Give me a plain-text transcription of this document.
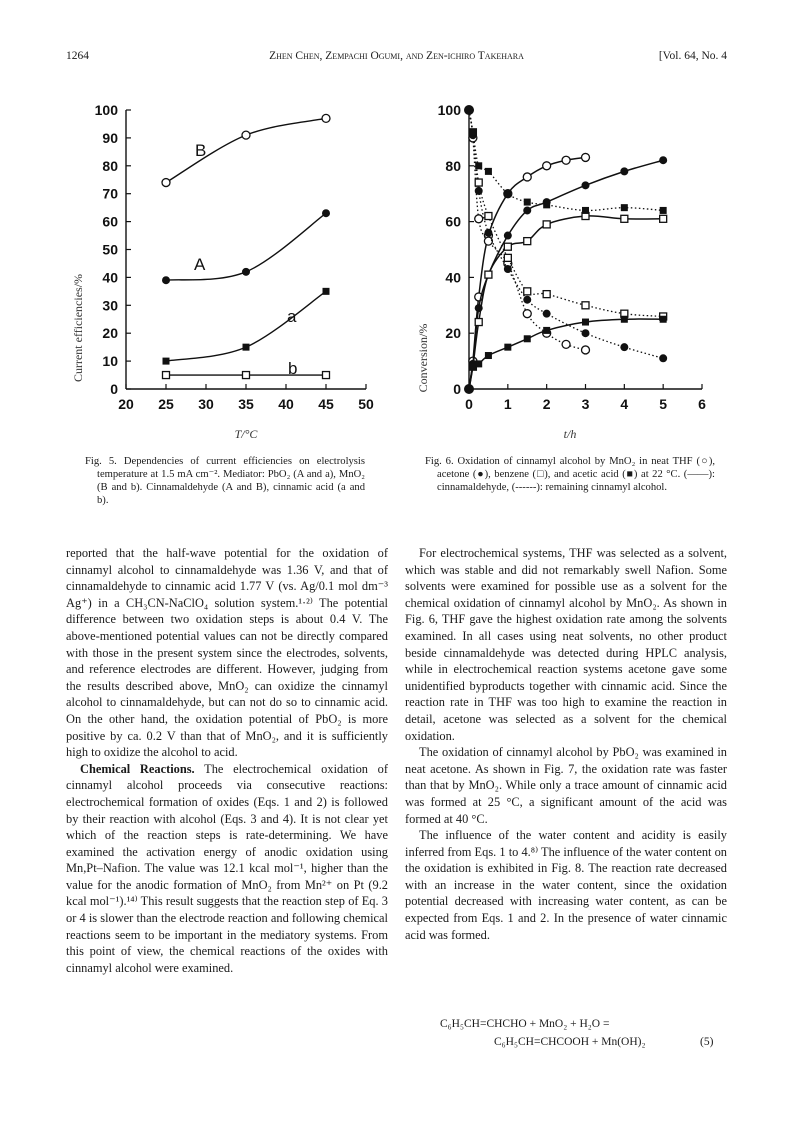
1264	Zhen Chen, Zempachi Ogumi, and Zen-ichiro Takehara	[Vol. 64, No. 4
Current efficiencies/%
T/°C
20 25 30 35 40 45 50
0
10
20
30
40
50
60
70
80
90
100
B
A
a
b
Fig. 5. Dependencies of current efficiencies on electrolysis temperature at 1.5 mA cm⁻². Mediator: PbO₂ (A and a), MnO₂ (B and b). Cinnamaldehyde (A and B), cinnamic acid (a and b).
Conversion/%
t/h
0 1 2 3 4 5 6
0
20
40
60
80
100
Fig. 6. Oxidation of cinnamyl alcohol by MnO₂ in neat THF (○), acetone (●), benzene (□), and acetic acid (■) at 22 °C. (——): cinnamaldehyde, (------): remaining cinnamyl alcohol.

reported that the half-wave potential for the oxidation of cinnamyl alcohol to cinnamaldehyde was 1.36 V, and that of cinnamaldehyde to cinnamic acid 1.77 V (vs. Ag/0.1 mol dm⁻³ Ag⁺) in a CH₃CN-NaClO₄ solution system.¹·²⁾ The potential difference between two oxidation steps is about 0.4 V. The above-mentioned potential values can not be directly compared with those in the present system since the electrodes, solvents, and reference electrodes are different. However, judging from the results described above, MnO₂ can oxidize the cinnamyl alcohol to cinnamaldehyde, but can not do so to cinnamic acid. On the other hand, the oxidation potential of PbO₂ is more positive by ca. 0.2 V than that of MnO₂, and it is sufficiently high to oxidize the alcohol to acid.

Chemical Reactions. The electrochemical oxidation of cinnamyl alcohol proceeds via consecutive reactions: electrochemical formation of oxides (Eqs. 1 and 2) is followed by their reaction with alcohol (Eqs. 3 and 4). It is not clear yet which of the reaction steps is rate-determining. We have examined the activation energy of anodic oxidation using Mn,Pt–Nafion. The value was 12.1 kcal mol⁻¹, higher than the value for the anodic formation of MnO₂ from Mn²⁺ on Pt (9.2 kcal mol⁻¹).¹⁴⁾ This result suggests that the reaction step of Eq. 3 or 4 is slower than the electrode reaction and following chemical reactions seem to be important in the mediatory systems. From this point of view, the chemical reactions of the oxides with cinnamyl alcohol were examined.

For electrochemical systems, THF was selected as a solvent, which was stable and did not remarkably swell Nafion. Some solvents were examined for possible use as a solvent for the chemical oxidation of cinnamyl alcohol by MnO₂. As shown in Fig. 6, THF gave the highest oxidation rate among the solvents examined. In all cases using neat solvents, no other product beside cinnamaldehyde was detected during HPLC analysis, while in electrochemical reaction systems acetone gave some unidentified byproducts together with cinnamic acid. Since the reaction rate in THF was too high to examine the reaction in detail, acetone was selected as a solvent for the chemical oxidation.

The oxidation of cinnamyl alcohol by PbO₂ was examined in neat acetone. As shown in Fig. 7, the oxidation rate was faster than that by MnO₂. While only a trace amount of cinnamic acid was formed at 25 °C, a significant amount of the acid was formed at 40 °C.

The influence of the water content and acidity is easily inferred from Eqs. 1 to 4.⁸⁾ The influence of the water content on the oxidation is exhibited in Fig. 8. The reaction rate decreased with an increase in the water content, since the oxidation potential decreased with increasing water content, as can be expected from Eqs. 1 and 2. In the presence of water cinnamic acid was formed.

C₆H₅CH=CHCHO + MnO₂ + H₂O =
C₆H₅CH=CHCOOH + Mn(OH)₂	(5)
